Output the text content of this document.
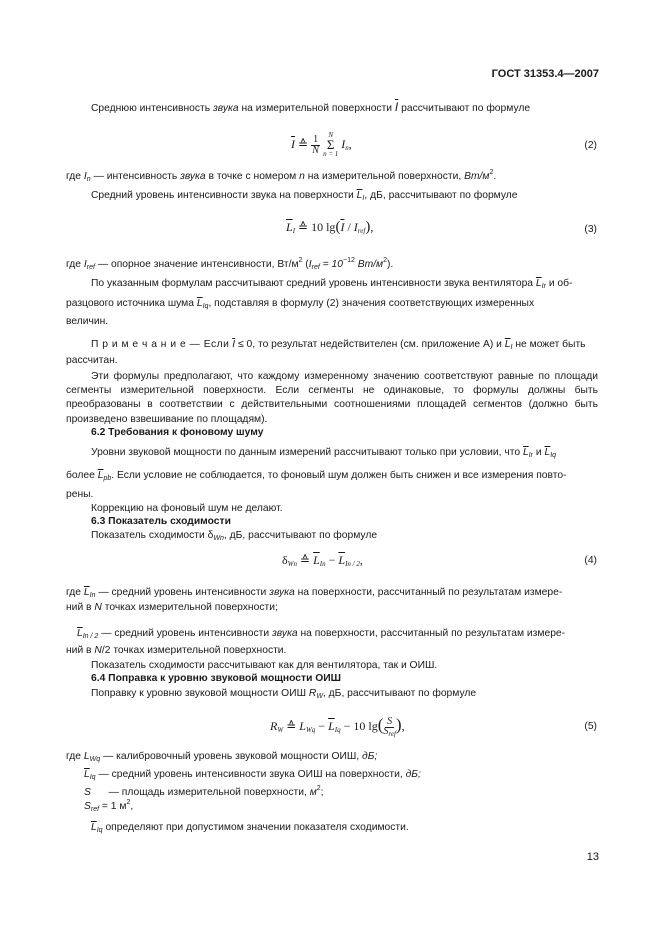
ГОСТ 31353.4—2007
Среднюю интенсивность звука на измерительной поверхности $\overline{I}$ рассчитывают по формуле
$\overline{I}$ ≙ $\frac{1}{N}$ N
Σ
n = 1 $I_n$,	(2)
где $I_n$ — интенсивность звука в точке с номером n на измерительной поверхности, $Вт/м^2$.
Средний уровень интенсивности звука на поверхности $\overline{L}_I$, дБ, рассчитывают по формуле
$\overline{L}_I$ ≙ 10 $\lg(\overline{I} / I_{ref})$,	(3)
где $I_{ref}$ — опорное значение интенсивности, $Вт/м^2$ ($I_{ref} = 10^{-12}$ $Вт/м^2$).
По указанным формулам рассчитывают средний уровень интенсивности звука вентилятора $\overline{L}_{Ir}$ и об-
разцового источника шума $\overline{L}_{Iq}$, подставляя в формулу (2) значения соответствующих измеренных
величин.
П р и м е ч а н и е — Если $\overline{I} \le 0$, то результат недействителен (см. приложение А) и $\overline{L}_I$ не может быть
рассчитан.
Эти формулы предполагают, что каждому измеренному значению соответствуют равные по площади сегменты измерительной поверхности. Если сегменты не одинаковые, то формулы должны быть преобразованы в соответствии с действительными соотношениями площадей сегментов (должно быть произведено взвешивание по площадям).
6.2 Требования к фоновому шуму
Уровни звуковой мощности по данным измерений рассчитывают только при условии, что $\overline{L}_{Ir}$ и $\overline{L}_{Iq}$
более $\overline{L}_{pb}$. Если условие не соблюдается, то фоновый шум должен быть снижен и все измерения повто-
рены.
Коррекцию на фоновый шум не делают.
6.3 Показатель сходимости
Показатель сходимости $\delta_{Wn}$, дБ, рассчитывают по формуле
$\delta_{Wn}$ ≙ $\overline{L}_{In} - \overline{L}_{In / 2}$,	(4)
где $\overline{L}_{In}$ — средний уровень интенсивности звука на поверхности, рассчитанный по результатам измере-
ний в N точках измерительной поверхности;
$\overline{L}_{In / 2}$ — средний уровень интенсивности звука на поверхности, рассчитанный по результатам измере-
ний в N/2 точках измерительной поверхности.
Показатель сходимости рассчитывают как для вентилятора, так и ОИШ.
6.4 Поправка к уровню звуковой мощности ОИШ
Поправку к уровню звуковой мощности ОИШ $R_W$, дБ, рассчитывают по формуле
$R_W$ ≙ $L_{Wq} - \overline{L}_{Iq} - 10$ $\lg(\frac{S}{S_{ref}}$ ),	(5)
где $L_{Wq}$ — калибровочный уровень звуковой мощности ОИШ, дБ;
$\overline{L}_{Iq}$ — средний уровень интенсивности звука ОИШ на поверхности, дБ;
S — площадь измерительной поверхности, $м^2$;
$S_{ref} = 1$ $м^2$,
$\overline{L}_{Iq}$ определяют при допустимом значении показателя сходимости.
13
